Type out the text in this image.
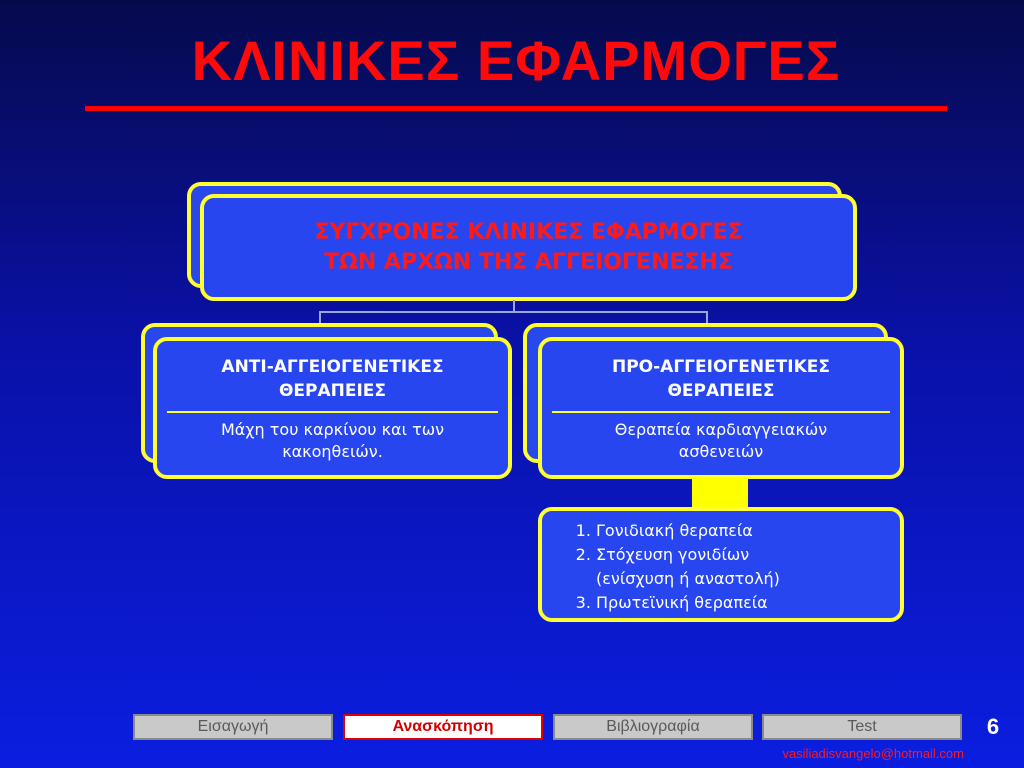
ΚΛΙΝΙΚΕΣ ΕΦΑΡΜΟΓΕΣ
ΣΥΓΧΡΟΝΕΣ ΚΛΙΝΙΚΕΣ ΕΦΑΡΜΟΓΕΣ
ΤΩΝ ΑΡΧΩΝ ΤΗΣ ΑΓΓΕΙΟΓΕΝΕΣΗΣ
ΑΝΤΙ-ΑΓΓΕΙΟΓΕΝΕΤΙΚΕΣ
ΘΕΡΑΠΕΙΕΣ
Μάχη του καρκίνου και των
κακοηθειών.
ΠΡΟ-ΑΓΓΕΙΟΓΕΝΕΤΙΚΕΣ
ΘΕΡΑΠΕΙΕΣ
Θεραπεία καρδιαγγειακών
ασθενειών
1. Γονιδιακή θεραπεία
2. Στόχευση γονιδίων
(ενίσχυση ή αναστολή)
3. Πρωτεϊνική θεραπεία
Εισαγωγή	Ανασκόπηση	Βιβλιογραφία	Test	6
vasiliadisvangelo@hotmail.com
